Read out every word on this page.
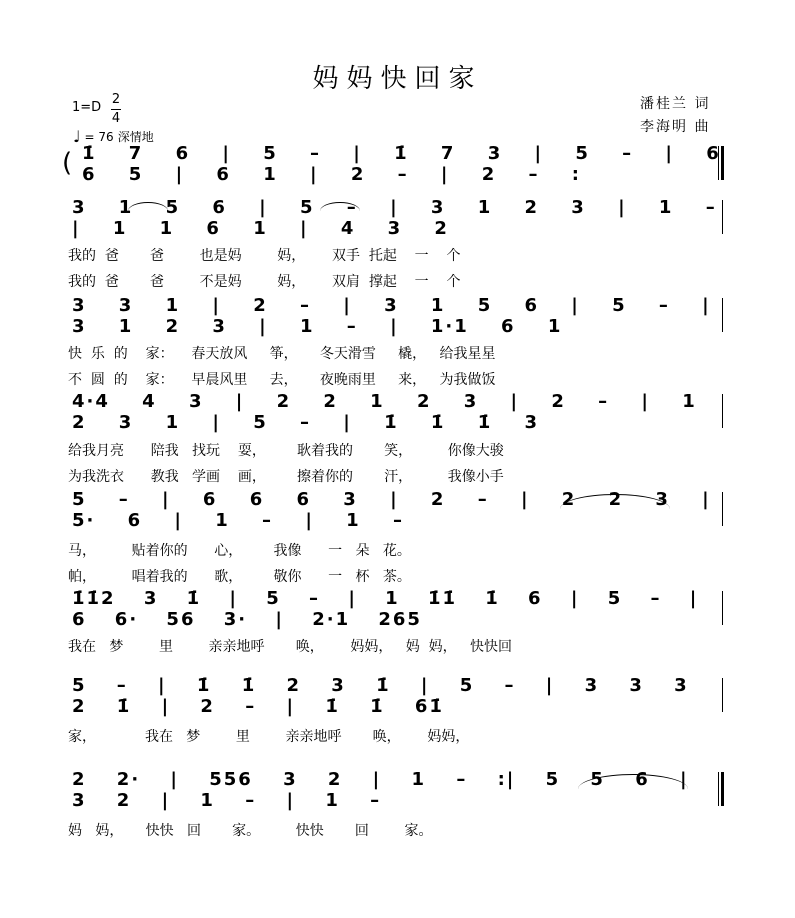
妈妈快回家
潘桂兰 词
李海明 曲
1=D
2
4
♩ = 76 深情地
( 1̇ 7 6 | 5 – | 1̇ 7 3 | 5 – | 6 6 5 | 6 1 | 2 – | 2 – :
3 1 5 6 | 5 – | 3 1 2 3 | 1 – | 1 1 6 1 | 4 3 2
我的  爸       爸        也是妈        妈，      双手  托起    一    个
我的  爸       爸        不是妈        妈，      双肩  撑起    一    个
3 3 1 | 2 – | 3 1 5 6 | 5 – | 3 1 2 3 | 1 – | 1·1 6 1
快  乐  的    家：    春天放风     筝，     冬天滑雪     橇，   给我星星
不  圆  的    家：    早晨风里     去，     夜晚雨里     来，   为我做饭
4·4 4 3 | 2 2 1 2 3 | 2 – | 1 2 3 1 | 5 – | 1̇ 1̇ 1̇ 3
给我月亮      陪我   找玩    耍，       耿着我的       笑，        你像大骏
为我洗衣      教我   学画    画，       擦着你的       汗，        我像小手
5 – | 6 6 6 3 | 2 – | 2 2 3 | 5· 6 | 1 – | 1 –
马，        贴着你的      心，       我像      一   朵   花。
帕，        唱着我的      歌，       敬你      一   杯   茶。
1̇1̇2 3 1̇ | 5 – | 1 1̇1̇ 1̇ 6 | 5 – | 6 6· 56 3· | 2·1 265
我在   梦        里        亲亲地呼       唤，      妈妈，   妈  妈，   快快回
5 – | 1̇ 1̇ 2 3 1̇ | 5 – | 3 3 3 2 1̇ | 2 – | 1̇ 1̇ 61̇
家，           我在   梦        里        亲亲地呼       唤，      妈妈，
2 2· | 556 3 2 | 1 – :| 5 5 6 | 3 2 | 1 – | 1 –
妈   妈，     快快   回       家。        快快       回        家。
